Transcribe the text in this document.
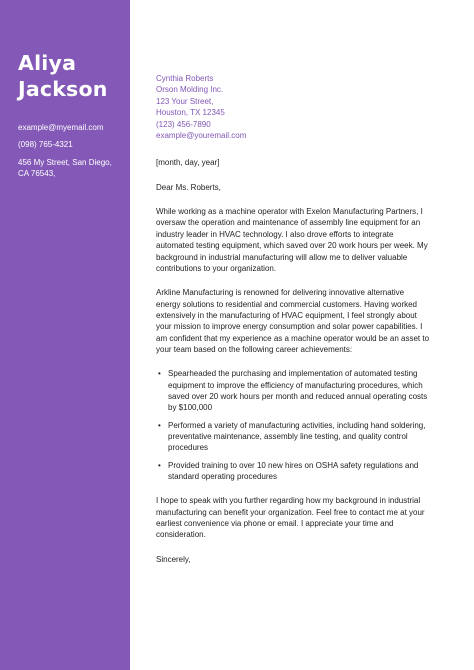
Aliya
Jackson
example@myemail.com
(098) 765-4321
456 My Street, San Diego,
CA 76543,
Cynthia Roberts
Orson Molding Inc.
123 Your Street,
Houston, TX 12345
(123) 456-7890
example@youremail.com
[month, day, year]
Dear Ms. Roberts,
While working as a machine operator with Exelon Manufacturing Partners, I
oversaw the operation and maintenance of assembly line equipment for an
industry leader in HVAC technology. I also drove efforts to integrate
automated testing equipment, which saved over 20 work hours per week. My
background in industrial manufacturing will allow me to deliver valuable
contributions to your organization.
Arkline Manufacturing is renowned for delivering innovative alternative
energy solutions to residential and commercial customers. Having worked
extensively in the manufacturing of HVAC equipment, I feel strongly about
your mission to improve energy consumption and solar power capabilities. I
am confident that my experience as a machine operator would be an asset to
your team based on the following career achievements:
• Spearheaded the purchasing and implementation of automated testing
equipment to improve the efficiency of manufacturing procedures, which
saved over 20 work hours per month and reduced annual operating costs
by $100,000
• Performed a variety of manufacturing activities, including hand soldering,
preventative maintenance, assembly line testing, and quality control
procedures
• Provided training to over 10 new hires on OSHA safety regulations and
standard operating procedures
I hope to speak with you further regarding how my background in industrial
manufacturing can benefit your organization. Feel free to contact me at your
earliest convenience via phone or email. I appreciate your time and
consideration.
Sincerely,
